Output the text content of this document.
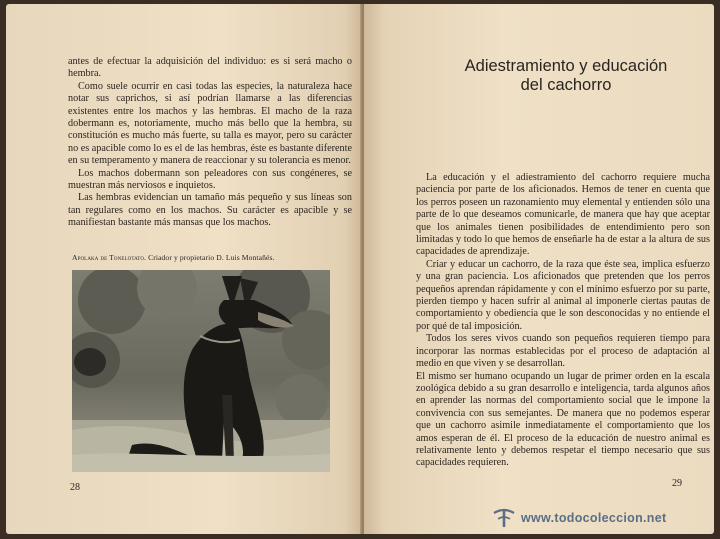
antes de efectuar la adquisición del individuo: es si será macho o hembra.

Como suele ocurrir en casi todas las especies, la naturaleza hace notar sus caprichos, si así podrían llamarse a las diferencias existentes entre los machos y las hembras. El macho de la raza dobermann es, notoriamente, mucho más bello que la hembra, su constitución es mucho más fuerte, su talla es mayor, pero su carácter no es apacible como lo es el de las hembras, éste es bastante diferente en su temperamento y manera de reaccionar y su tolerancia es menor.

Los machos dobermann son peleadores con sus congéneres, se muestran más nerviosos e inquietos.

Las hembras evidencian un tamaño más pequeño y sus líneas son tan regulares como en los machos. Su carácter es apacible y se manifiestan bastante más mansas que los machos.

Apolaka de Tonelotato. Criador y propietario D. Luis Montañés.
28
Adiestramiento y educación
del cachorro

La educación y el adiestramiento del cachorro requiere mucha paciencia por parte de los aficionados. Hemos de tener en cuenta que los perros poseen un razonamiento muy elemental y entienden sólo una parte de lo que deseamos comunicarle, de manera que hay que aceptar que los animales tienen posibilidades de entendimiento pero son limitadas y todo lo que hemos de enseñarle ha de estar a la altura de sus capacidades de aprendizaje.

Criar y educar un cachorro, de la raza que éste sea, implica esfuerzo y una gran paciencia. Los aficionados que pretenden que los perros pequeños aprendan rápidamente y con el mínimo esfuerzo por su parte, pierden tiempo y hacen sufrir al animal al imponerle ciertas pautas de comportamiento y obediencia que le son desconocidas y no entiende el por qué de tal imposición.

Todos los seres vivos cuando son pequeños requieren tiempo para incorporar las normas establecidas por el proceso de adaptación al medio en que viven y se desarrollan.

El mismo ser humano ocupando un lugar de primer orden en la escala zoológica debido a su gran desarrollo e inteligencia, tarda algunos años en aprender las normas del comportamiento social que le impone la convivencia con sus semejantes. De manera que no podemos esperar que un cachorro asimile inmediatamente el comportamiento que los amos esperan de él. El proceso de la educación de nuestro animal es relativamente lento y debemos respetar el tiempo necesario que sus capacidades requieren.

29
www.todocoleccion.net
